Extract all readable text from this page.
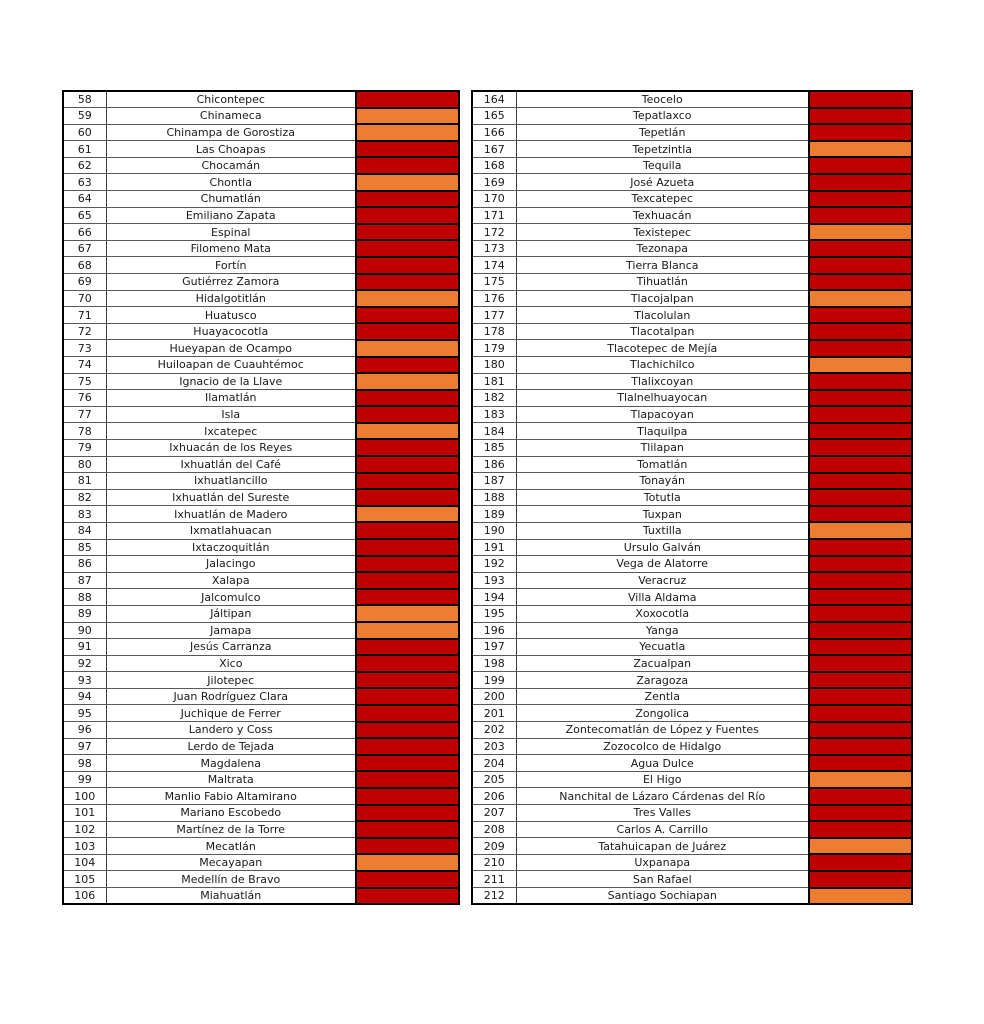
58	Chicontepec	
59	Chinameca	
60	Chinampa de Gorostiza	
61	Las Choapas	
62	Chocamán	
63	Chontla	
64	Chumatlán	
65	Emiliano Zapata	
66	Espinal	
67	Filomeno Mata	
68	Fortín	
69	Gutiérrez Zamora	
70	Hidalgotitlán	
71	Huatusco	
72	Huayacocotla	
73	Hueyapan de Ocampo	
74	Huiloapan de Cuauhtémoc	
75	Ignacio de la Llave	
76	Ilamatlán	
77	Isla	
78	Ixcatepec	
79	Ixhuacán de los Reyes	
80	Ixhuatlán del Café	
81	Ixhuatlancillo	
82	Ixhuatlán del Sureste	
83	Ixhuatlán de Madero	
84	Ixmatlahuacan	
85	Ixtaczoquitlán	
86	Jalacingo	
87	Xalapa	
88	Jalcomulco	
89	Jáltipan	
90	Jamapa	
91	Jesús Carranza	
92	Xico	
93	Jilotepec	
94	Juan Rodríguez Clara	
95	Juchique de Ferrer	
96	Landero y Coss	
97	Lerdo de Tejada	
98	Magdalena	
99	Maltrata	
100	Manlio Fabio Altamirano	
101	Mariano Escobedo	
102	Martínez de la Torre	
103	Mecatlán	
104	Mecayapan	
105	Medellín de Bravo	
106	Miahuatlán	
164	Teocelo	
165	Tepatlaxco	
166	Tepetlán	
167	Tepetzintla	
168	Tequila	
169	José Azueta	
170	Texcatepec	
171	Texhuacán	
172	Texistepec	
173	Tezonapa	
174	Tierra Blanca	
175	Tihuatlán	
176	Tlacojalpan	
177	Tlacolulan	
178	Tlacotalpan	
179	Tlacotepec de Mejía	
180	Tlachichilco	
181	Tlalixcoyan	
182	Tlalnelhuayocan	
183	Tlapacoyan	
184	Tlaquilpa	
185	Tlilapan	
186	Tomatlán	
187	Tonayán	
188	Totutla	
189	Tuxpan	
190	Tuxtilla	
191	Ursulo Galván	
192	Vega de Alatorre	
193	Veracruz	
194	Villa Aldama	
195	Xoxocotla	
196	Yanga	
197	Yecuatla	
198	Zacualpan	
199	Zaragoza	
200	Zentla	
201	Zongolica	
202	Zontecomatlán de López y Fuentes	
203	Zozocolco de Hidalgo	
204	Agua Dulce	
205	El Higo	
206	Nanchital de Lázaro Cárdenas del Río	
207	Tres Valles	
208	Carlos A. Carrillo	
209	Tatahuicapan de Juárez	
210	Uxpanapa	
211	San Rafael	
212	Santiago Sochiapan	
